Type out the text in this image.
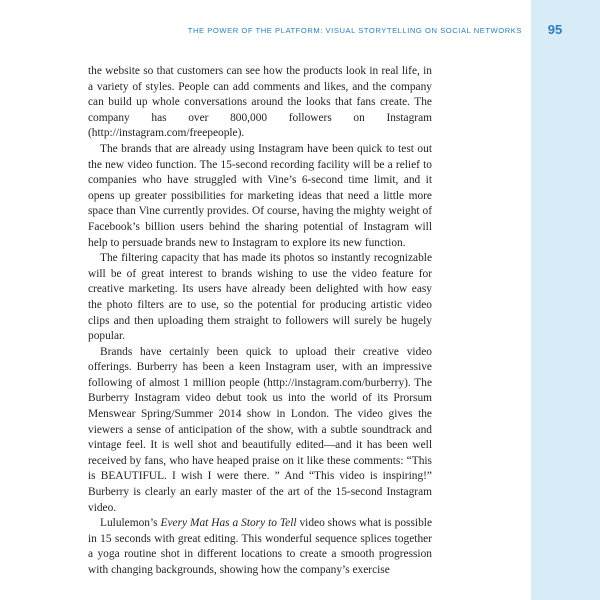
THE POWER OF THE PLATFORM: VISUAL STORYTELLING ON SOCIAL NETWORKS	95

the website so that customers can see how the products look in real life, in a variety of styles. People can add comments and likes, and the company can build up whole conversations around the looks that fans create. The company has over 800,000 followers on Instagram (http://instagram.com/freepeople).

The brands that are already using Instagram have been quick to test out the new video function. The 15-second recording facility will be a relief to companies who have struggled with Vine’s 6-second time limit, and it opens up greater possibilities for marketing ideas that need a little more space than Vine currently provides. Of course, having the mighty weight of Facebook’s billion users behind the sharing potential of Instagram will help to persuade brands new to Instagram to explore its new function.

The filtering capacity that has made its photos so instantly recognizable will be of great interest to brands wishing to use the video feature for creative marketing. Its users have already been delighted with how easy the photo filters are to use, so the potential for producing artistic video clips and then uploading them straight to followers will surely be hugely popular.

Brands have certainly been quick to upload their creative video offerings. Burberry has been a keen Instagram user, with an impressive following of almost 1 million people (http://instagram.com/burberry). The Burberry Instagram video debut took us into the world of its Prorsum Menswear Spring/Summer 2014 show in London. The video gives the viewers a sense of anticipation of the show, with a subtle soundtrack and vintage feel. It is well shot and beautifully edited—and it has been well received by fans, who have heaped praise on it like these comments: “This is BEAUTIFUL. I wish I were there. ” And “This video is inspiring!” Burberry is clearly an early master of the art of the 15-second Instagram video.

Lululemon’s Every Mat Has a Story to Tell video shows what is possible in 15 seconds with great editing. This wonderful sequence splices together a yoga routine shot in different locations to create a smooth progression with changing backgrounds, showing how the company’s exercise
